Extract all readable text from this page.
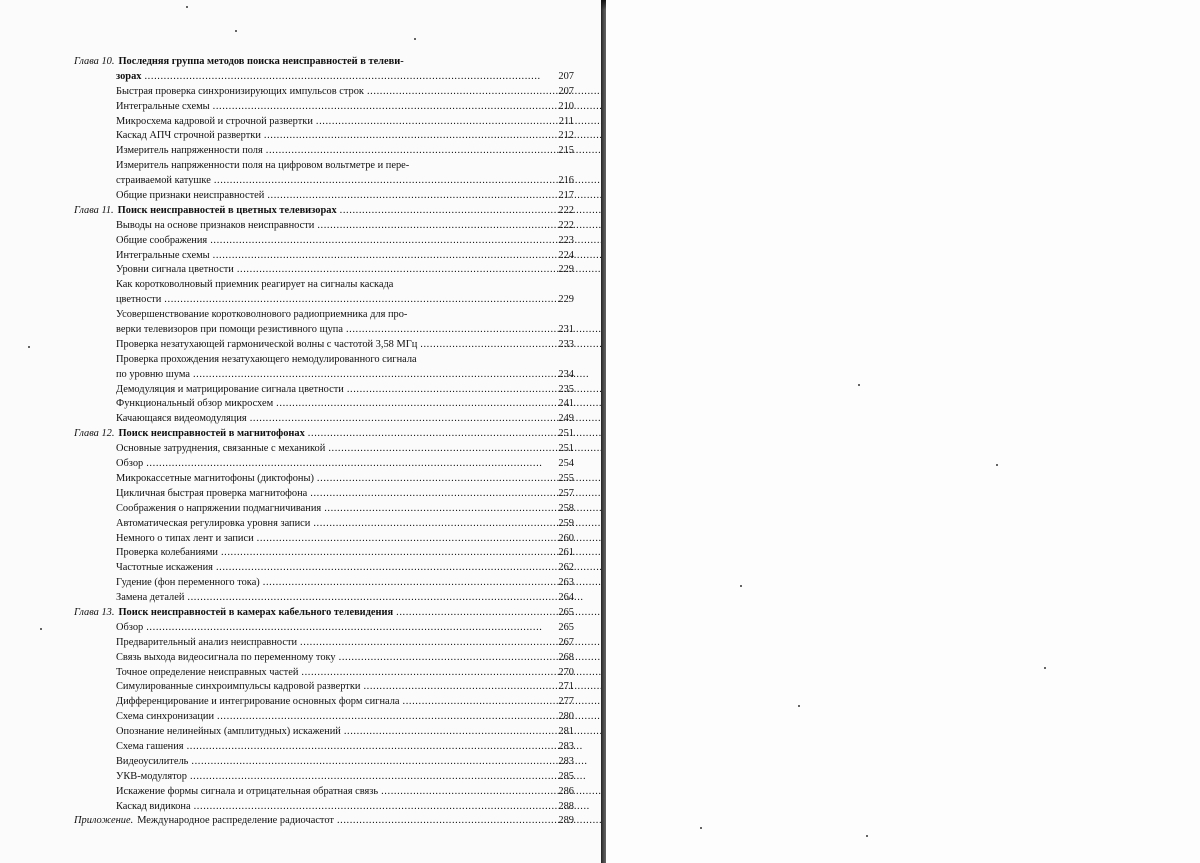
Глава 10. Последняя группа методов поиска неисправностей в телеви-
зорах . . .	207
Быстрая проверка синхронизирующих импульсов строк . . .	207
Интегральные схемы . . .	210
Микросхема кадровой и строчной развертки . . .	211
Каскад АПЧ строчной развертки . . .	212
Измеритель напряженности поля . . .	215
Измеритель напряженности поля на цифровом вольтметре и пере-
страиваемой катушке . . .	216
Общие признаки неисправностей . . .	217
Глава 11. Поиск неисправностей в цветных телевизорах . . .	222
Выводы на основе признаков неисправности . . .	222
Общие соображения . . .	223
Интегральные схемы . . .	224
Уровни сигнала цветности . . .	229
Как коротковолновый приемник реагирует на сигналы каскада
цветности . . .	229
Усовершенствование коротковолнового радиоприемника для про-
верки телевизоров при помощи резистивного щупа . . .	231
Проверка незатухающей гармонической волны с частотой 3,58 МГц . . .	233
Проверка прохождения незатухающего немодулированного сигнала
по уровню шума . . .	234
Демодуляция и матрицирование сигнала цветности . . .	235
Функциональный обзор микросхем . . .	241
Качающаяся видеомодуляция . . .	249
Глава 12. Поиск неисправностей в магнитофонах . . .	251
Основные затруднения, связанные с механикой . . .	251
Обзор . . .	254
Микрокассетные магнитофоны (диктофоны) . . .	255
Цикличная быстрая проверка магнитофона . . .	257
Соображения о напряжении подмагничивания . . .	258
Автоматическая регулировка уровня записи . . .	259
Немного о типах лент и записи . . .	260
Проверка колебаниями . . .	261
Частотные искажения . . .	262
Гудение (фон переменного тока) . . .	263
Замена деталей . . .	264
Глава 13. Поиск неисправностей в камерах кабельного телевидения . . .	265
Обзор . . .	265
Предварительный анализ неисправности . . .	267
Связь выхода видеосигнала по переменному току . . .	268
Точное определение неисправных частей . . .	270
Симулированные синхроимпульсы кадровой развертки . . .	271
Дифференцирование и интегрирование основных форм сигнала . . .	277
Схема синхронизации . . .	280
Опознание нелинейных (амплитудных) искажений . . .	281
Схема гашения . . .	283
Видеоусилитель . . .	283
УКВ-модулятор . . .	285
Искажение формы сигнала и отрицательная обратная связь . . .	286
Каскад видикона . . .	288
Приложение. Международное распределение радиочастот . . .	289
